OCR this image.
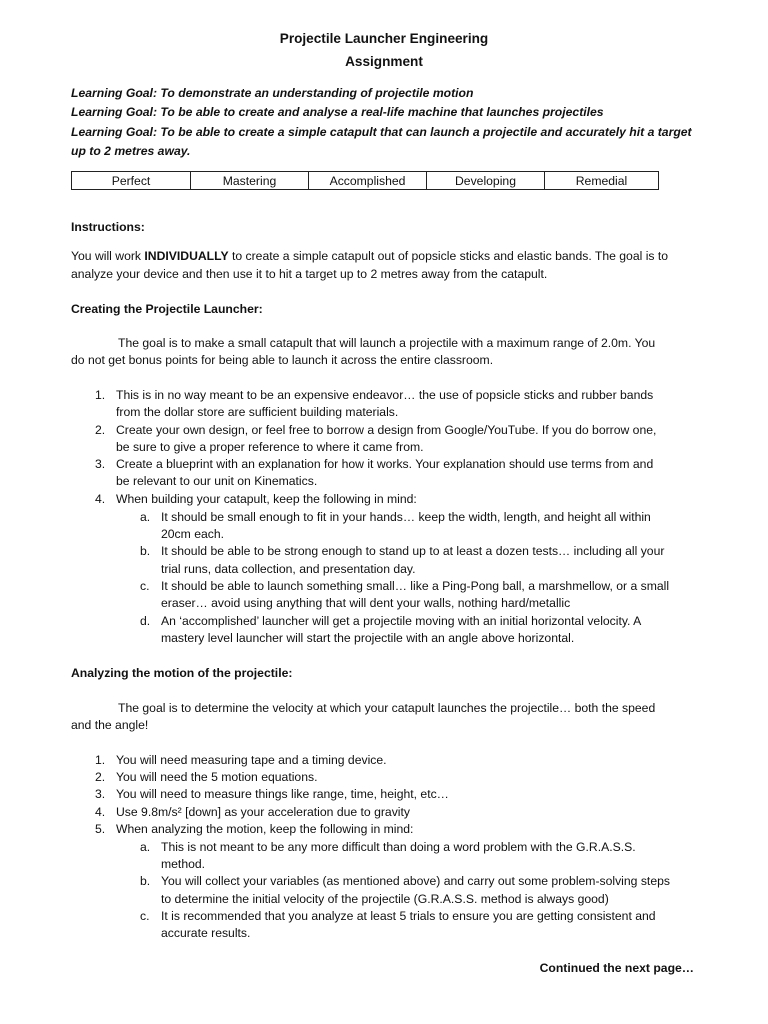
Projectile Launcher Engineering
Assignment
Learning Goal: To demonstrate an understanding of projectile motion
Learning Goal: To be able to create and analyse a real-life machine that launches projectiles
Learning Goal: To be able to create a simple catapult that can launch a projectile and accurately hit a target
up to 2 metres away.
Perfect	Mastering	Accomplished	Developing	Remedial
Instructions:
You will work INDIVIDUALLY to create a simple catapult out of popsicle sticks and elastic bands. The goal is to
analyze your device and then use it to hit a target up to 2 metres away from the catapult.
Creating the Projectile Launcher:
The goal is to make a small catapult that will launch a projectile with a maximum range of 2.0m. You
do not get bonus points for being able to launch it across the entire classroom.
1. This is in no way meant to be an expensive endeavor… the use of popsicle sticks and rubber bands
from the dollar store are sufficient building materials.
2. Create your own design, or feel free to borrow a design from Google/YouTube. If you do borrow one,
be sure to give a proper reference to where it came from.
3. Create a blueprint with an explanation for how it works. Your explanation should use terms from and
be relevant to our unit on Kinematics.
4. When building your catapult, keep the following in mind:
a. It should be small enough to fit in your hands… keep the width, length, and height all within
20cm each.
b. It should be able to be strong enough to stand up to at least a dozen tests… including all your
trial runs, data collection, and presentation day.
c. It should be able to launch something small… like a Ping-Pong ball, a marshmellow, or a small
eraser… avoid using anything that will dent your walls, nothing hard/metallic
d. An ‘accomplished’ launcher will get a projectile moving with an initial horizontal velocity. A
mastery level launcher will start the projectile with an angle above horizontal.
Analyzing the motion of the projectile:
The goal is to determine the velocity at which your catapult launches the projectile… both the speed
and the angle!
1. You will need measuring tape and a timing device.
2. You will need the 5 motion equations.
3. You will need to measure things like range, time, height, etc…
4. Use 9.8m/s² [down] as your acceleration due to gravity
5. When analyzing the motion, keep the following in mind:
a. This is not meant to be any more difficult than doing a word problem with the G.R.A.S.S.
method.
b. You will collect your variables (as mentioned above) and carry out some problem-solving steps
to determine the initial velocity of the projectile (G.R.A.S.S. method is always good)
c. It is recommended that you analyze at least 5 trials to ensure you are getting consistent and
accurate results.
Continued the next page…
